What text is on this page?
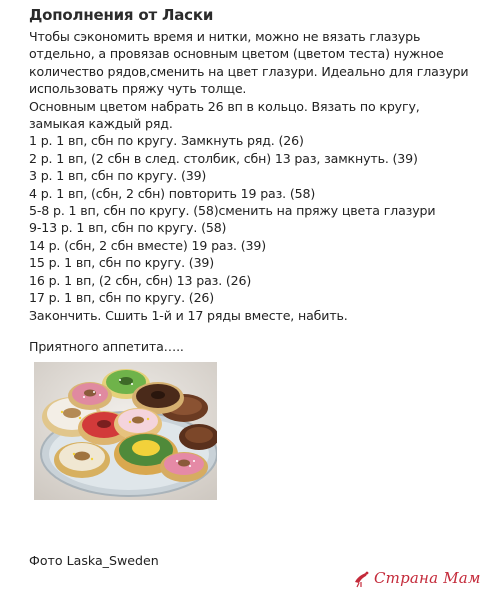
Дополнения от Ласки
Чтобы сэкономить время и нитки, можно не вязать глазурь
отдельно, а провязав основным цветом (цветом теста) нужное
количество рядов,сменить на цвет глазури. Идеально для глазури
использовать пряжу чуть толще.
Основным цветом набрать 26 вп в кольцо. Вязать по кругу,
замыкая каждый ряд.
1 р. 1 вп, сбн по кругу. Замкнуть ряд. (26)
2 р. 1 вп, (2 сбн в след. столбик, сбн) 13 раз, замкнуть. (39)
3 р. 1 вп, сбн по кругу. (39)
4 р. 1 вп, (сбн, 2 сбн) повторить 19 раз. (58)
5-8 р. 1 вп, сбн по кругу. (58)сменить на пряжу цвета глазури
9-13 р. 1 вп, сбн по кругу. (58)
14 р. (сбн, 2 сбн вместе) 19 раз. (39)
15 р. 1 вп, сбн по кругу. (39)
16 р. 1 вп, (2 сбн, сбн) 13 раз. (26)
17 р. 1 вп, сбн по кругу. (26)
Закончить. Сшить 1-й и 17 ряды вместе, набить.
Приятного аппетита…..
Фото Laska_Sweden
Страна Мам
